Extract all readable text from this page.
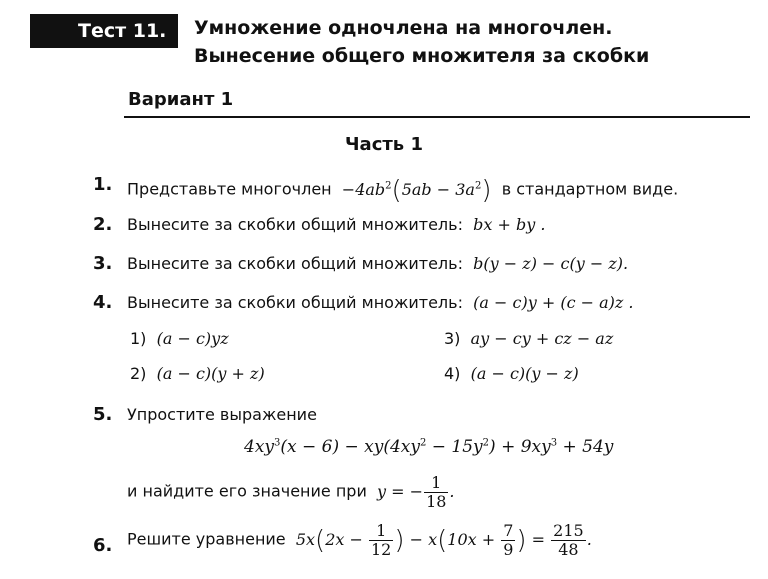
Тест 11. Умножение одночлена на многочлен.
Вынесение общего множителя за скобки
Вариант 1
Часть 1
1. Представьте многочлен  $-4ab^2(5ab - 3a^2)$ в стандартном виде.
2. Вынесите за скобки общий множитель:  bx + by .
3. Вынесите за скобки общий множитель:  b(y − z) − c(y − z).
4. Вынесите за скобки общий множитель:  (a − c)y + (c − a)z .
1)  (a − c)yz
2)  (a − c)(y + z)
3)  ay − cy + cz − az
4)  (a − c)(y − z)
5. Упростите выражение
$4xy^3(x - 6) - xy(4xy^2 - 15y^2) + 9xy^3 + 54y$
и найдите его значение при  y = − $\frac{1}{18}$ .
6. Решите уравнение  $5x(2x - \frac{1}{12}$ ) − $x(10x + \frac{7}{9}$ ) = $\frac{215}{48}$ .
